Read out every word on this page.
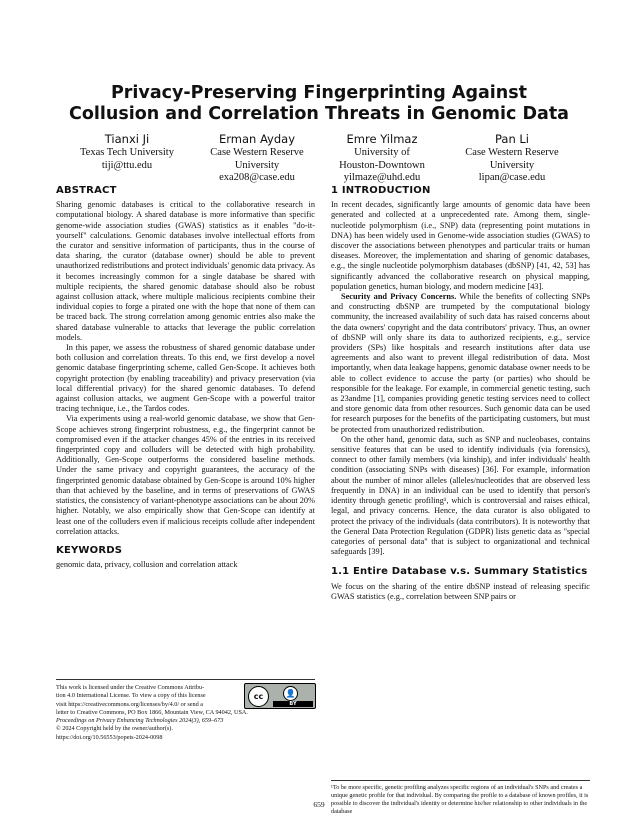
Privacy-Preserving Fingerprinting Against
Collusion and Correlation Threats in Genomic Data
Tianxi Ji
Texas Tech University
tiji@ttu.edu
Erman Ayday
Case Western Reserve
University
exa208@case.edu
Emre Yilmaz
University of
Houston-Downtown
yilmaze@uhd.edu
Pan Li
Case Western Reserve
University
lipan@case.edu
ABSTRACT

Sharing genomic databases is critical to the collaborative research in computational biology. A shared database is more informative than specific genome-wide association studies (GWAS) statistics as it enables "do-it-yourself" calculations. Genomic databases involve intellectual efforts from the curator and sensitive information of participants, thus in the course of data sharing, the curator (database owner) should be able to prevent unauthorized redistributions and protect individuals' genomic data privacy. As it becomes increasingly common for a single database be shared with multiple recipients, the shared genomic database should also be robust against collusion attack, where multiple malicious recipients combine their individual copies to forge a pirated one with the hope that none of them can be traced back. The strong correlation among genomic entries also make the shared database vulnerable to attacks that leverage the public correlation models.

In this paper, we assess the robustness of shared genomic database under both collusion and correlation threats. To this end, we first develop a novel genomic database fingerprinting scheme, called Gen-Scope. It achieves both copyright protection (by enabling traceability) and privacy preservation (via local differential privacy) for the shared genomic databases. To defend against collusion attacks, we augment Gen-Scope with a powerful traitor tracing technique, i.e., the Tardos codes.

Via experiments using a real-world genomic database, we show that Gen-Scope achieves strong fingerprint robustness, e.g., the fingerprint cannot be compromised even if the attacker changes 45% of the entries in its received fingerprinted copy and colluders will be detected with high probability. Additionally, Gen-Scope outperforms the considered baseline methods. Under the same privacy and copyright guarantees, the accuracy of the fingerprinted genomic database obtained by Gen-Scope is around 10% higher than that achieved by the baseline, and in terms of preservations of GWAS statistics, the consistency of variant-phenotype associations can be about 20% higher. Notably, we also empirically show that Gen-Scope can identify at least one of the colluders even if malicious receipts collude after independent correlation attacks.

KEYWORDS

genomic data, privacy, collusion and correlation attack

This work is licensed under the Creative Commons Attribu-
tion 4.0 International License. To view a copy of this license
visit https://creativecommons.org/licenses/by/4.0/ or send a
letter to Creative Commons, PO Box 1866, Mountain View, CA 94042, USA.
Proceedings on Privacy Enhancing Technologies 2024(3), 659–673
© 2024 Copyright held by the owner/author(s).
https://doi.org/10.56553/popets-2024-0098
cc	👤
BY
1 INTRODUCTION

In recent decades, significantly large amounts of genomic data have been generated and collected at a unprecedented rate. Among them, single-nucleotide polymorphism (i.e., SNP) data (representing point mutations in DNA) has been widely used in Genome-wide association studies (GWAS) to discover the associations between phenotypes and particular traits or human diseases. Moreover, the implementation and sharing of genomic databases, e.g., the single nucleotide polymorphism databases (dbSNP) [41, 42, 53] has significantly advanced the collaborative research on physical mapping, population genetics, human biology, and modern medicine [43].

Security and Privacy Concerns. While the benefits of collecting SNPs and constructing dbSNP are trumpeted by the computational biology community, the increased availability of such data has raised concerns about the data owners' copyright and the data contributors' privacy. Thus, an owner of dbSNP will only share its data to authorized recipients, e.g., service providers (SPs) like hospitals and research institutions after data use agreements and also want to prevent illegal redistribution of data. Most importantly, when data leakage happens, genomic database owner needs to be able to collect evidence to accuse the party (or parties) who should be responsible for the leakage. For example, in commercial genetic testing, such as 23andme [1], companies providing genetic testing services need to collect and store genomic data from other resources. Such genomic data can be used for research purposes for the benefits of the participating customers, but must be protected from unauthorized redistribution.

On the other hand, genomic data, such as SNP and nucleobases, contains sensitive features that can be used to identify individuals (via forensics), connect to other family members (via kinship), and infer individuals' health condition (associating SNPs with diseases) [36]. For example, information about the number of minor alleles (alleles/nucleotides that are observed less frequently in DNA) in an individual can be used to identify that person's identity through genetic profiling¹, which is controversial and raises ethical, legal, and privacy concerns. Hence, the data curator is also obligated to protect the privacy of the individuals (data contributors). It is noteworthy that the General Data Protection Regulation (GDPR) lists genetic data as "special categories of personal data" that is subject to organizational and technical safeguards [39].

1.1 Entire Database v.s. Summary Statistics

We focus on the sharing of the entire dbSNP instead of releasing specific GWAS statistics (e.g., correlation between SNP pairs or

¹To be more specific, genetic profiling analyzes specific regions of an individual's SNPs and creates a unique genetic profile for that individual. By comparing the profile to a database of known profiles, it is possible to discover the individual's identity or determine his/her relationship to other individuals in the database
659
